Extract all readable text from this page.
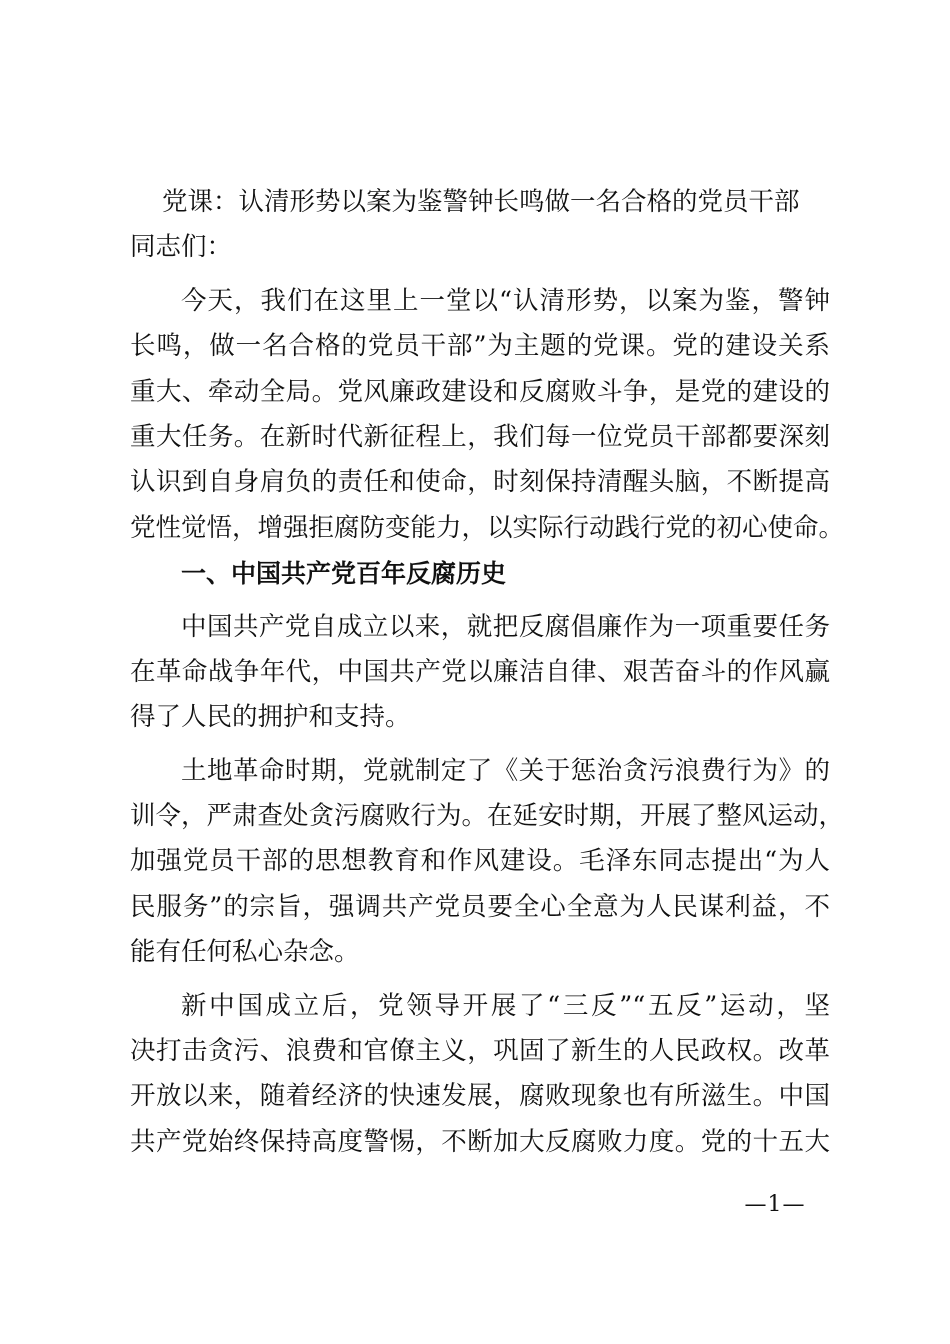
党课：认清形势以案为鉴警钟长鸣做一名合格的党员干部
同志们：
今天，我们在这里上一堂以“认清形势，以案为鉴，警钟
长鸣，做一名合格的党员干部”为主题的党课。党的建设关系
重大、牵动全局。党风廉政建设和反腐败斗争，是党的建设的
重大任务。在新时代新征程上，我们每一位党员干部都要深刻
认识到自身肩负的责任和使命，时刻保持清醒头脑，不断提高
党性觉悟，增强拒腐防变能力，以实际行动践行党的初心使命。
一、中国共产党百年反腐历史
中国共产党自成立以来，就把反腐倡廉作为一项重要任务
在革命战争年代，中国共产党以廉洁自律、艰苦奋斗的作风赢
得了人民的拥护和支持。
土地革命时期，党就制定了《关于惩治贪污浪费行为》的
训令，严肃查处贪污腐败行为。在延安时期，开展了整风运动，
加强党员干部的思想教育和作风建设。毛泽东同志提出“为人
民服务”的宗旨，强调共产党员要全心全意为人民谋利益，不
能有任何私心杂念。
新中国成立后，党领导开展了“三反”“五反”运动，坚
决打击贪污、浪费和官僚主义，巩固了新生的人民政权。改革
开放以来，随着经济的快速发展，腐败现象也有所滋生。中国
共产党始终保持高度警惕，不断加大反腐败力度。党的十五大
—1—
